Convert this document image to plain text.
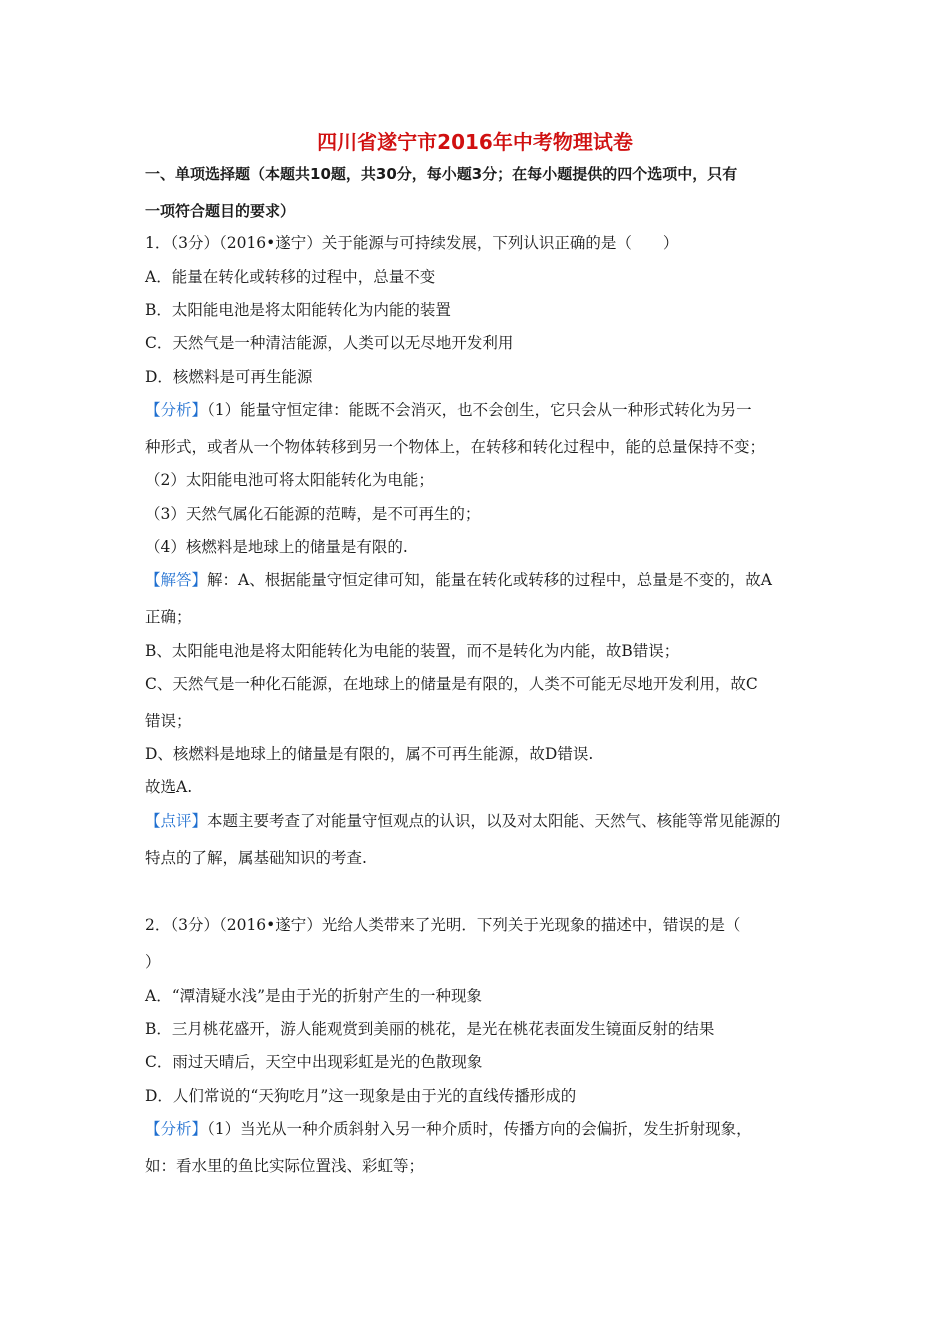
四川省遂宁市2016年中考物理试卷
一、单项选择题（本题共10题，共30分，每小题3分；在每小题提供的四个选项中，只有
一项符合题目的要求）
1．（3分）（2016•遂宁）关于能源与可持续发展，下列认识正确的是（　　）
A．能量在转化或转移的过程中，总量不变
B．太阳能电池是将太阳能转化为内能的装置
C．天然气是一种清洁能源，人类可以无尽地开发利用
D．核燃料是可再生能源
【分析】（1）能量守恒定律：能既不会消灭，也不会创生，它只会从一种形式转化为另一
种形式，或者从一个物体转移到另一个物体上，在转移和转化过程中，能的总量保持不变；
（2）太阳能电池可将太阳能转化为电能；
（3）天然气属化石能源的范畴，是不可再生的；
（4）核燃料是地球上的储量是有限的.
【解答】解：A、根据能量守恒定律可知，能量在转化或转移的过程中，总量是不变的，故A
正确；
B、太阳能电池是将太阳能转化为电能的装置，而不是转化为内能，故B错误；
C、天然气是一种化石能源，在地球上的储量是有限的，人类不可能无尽地开发利用，故C
错误；
D、核燃料是地球上的储量是有限的，属不可再生能源，故D错误.
故选A.
【点评】本题主要考查了对能量守恒观点的认识，以及对太阳能、天然气、核能等常见能源的
特点的了解，属基础知识的考查.
2．（3分）（2016•遂宁）光给人类带来了光明．下列关于光现象的描述中，错误的是（
）
A．“潭清疑水浅”是由于光的折射产生的一种现象
B．三月桃花盛开，游人能观赏到美丽的桃花，是光在桃花表面发生镜面反射的结果
C．雨过天晴后，天空中出现彩虹是光的色散现象
D．人们常说的“天狗吃月”这一现象是由于光的直线传播形成的
【分析】（1）当光从一种介质斜射入另一种介质时，传播方向的会偏折，发生折射现象，
如：看水里的鱼比实际位置浅、彩虹等；
